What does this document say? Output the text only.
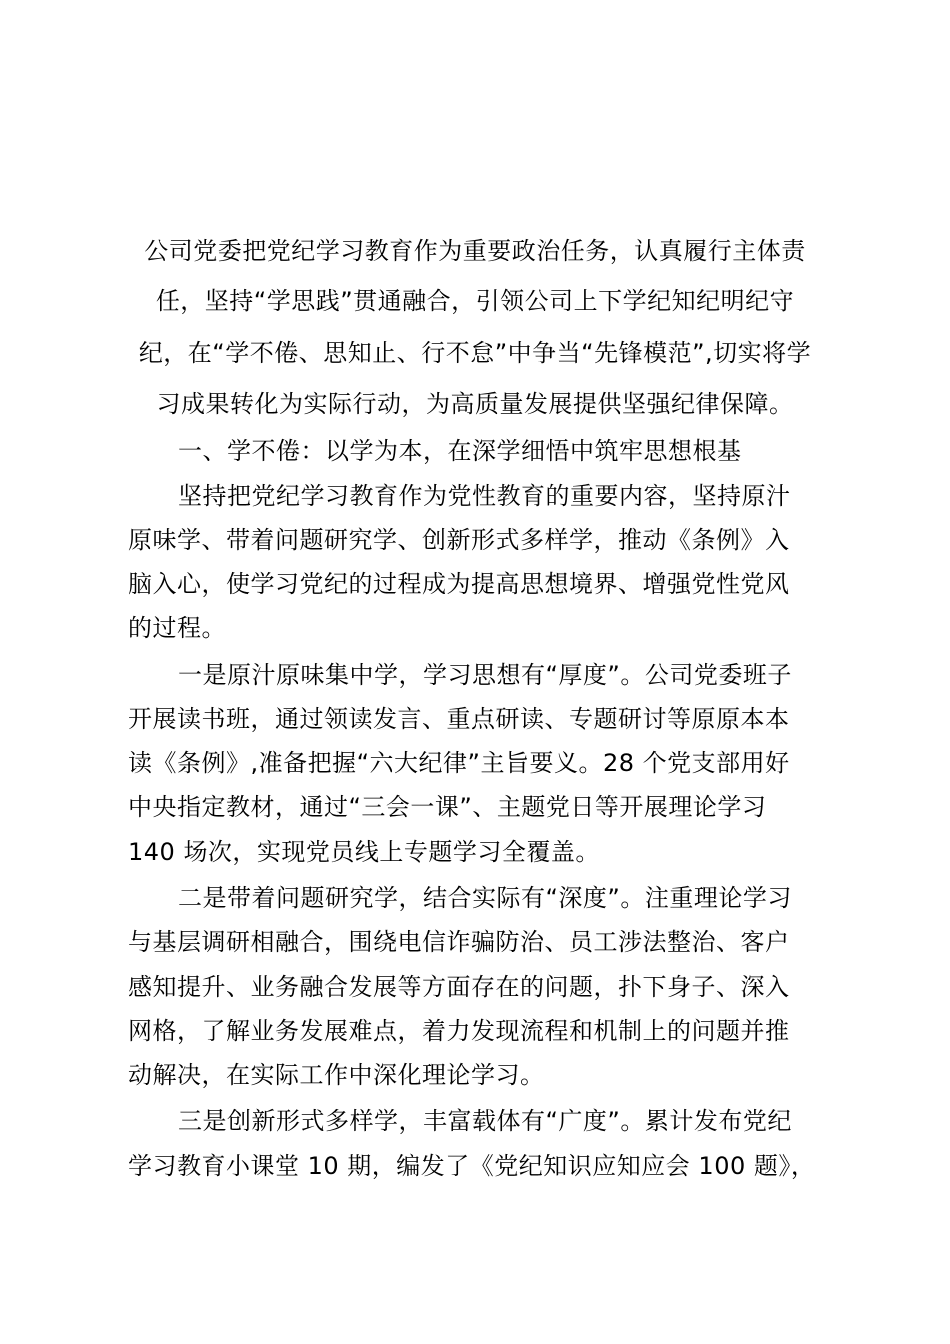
公司党委把党纪学习教育作为重要政治任务，认真履行主体责
任，坚持“学思践”贯通融合，引领公司上下学纪知纪明纪守
纪，在“学不倦、思知止、行不怠”中争当“先锋模范”,切实将学
习成果转化为实际行动，为高质量发展提供坚强纪律保障。
一、学不倦：以学为本，在深学细悟中筑牢思想根基
坚持把党纪学习教育作为党性教育的重要内容，坚持原汁
原味学、带着问题研究学、创新形式多样学，推动《条例》入
脑入心，使学习党纪的过程成为提高思想境界、增强党性党风
的过程。
一是原汁原味集中学，学习思想有“厚度”。公司党委班子
开展读书班，通过领读发言、重点研读、专题研讨等原原本本
读《条例》,准备把握“六大纪律”主旨要义。28 个党支部用好
中央指定教材，通过“三会一课”、主题党日等开展理论学习
140 场次，实现党员线上专题学习全覆盖。
二是带着问题研究学，结合实际有“深度”。注重理论学习
与基层调研相融合，围绕电信诈骗防治、员工涉法整治、客户
感知提升、业务融合发展等方面存在的问题，扑下身子、深入
网格，了解业务发展难点，着力发现流程和机制上的问题并推
动解决，在实际工作中深化理论学习。
三是创新形式多样学，丰富载体有“广度”。累计发布党纪
学习教育小课堂 10 期，编发了《党纪知识应知应会 100 题》，
